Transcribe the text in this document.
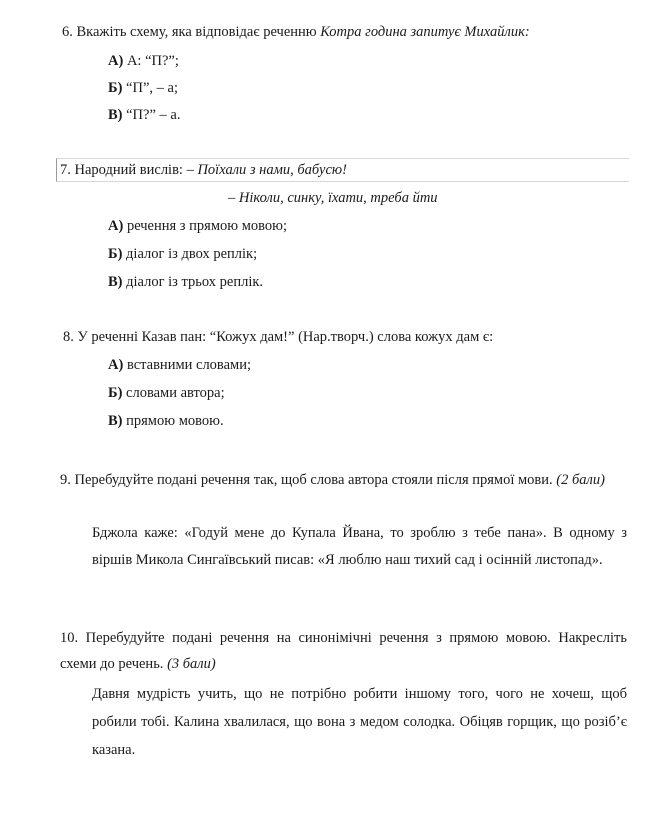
6. Вкажіть схему, яка відповідає реченню Котра година запитує Михайлик:
А) А: “П?”;
Б) “П”, – а;
В) “П?” – а.
7. Народний вислів: – Поїхали з нами, бабусю!
– Ніколи, синку, їхати, треба йти
А) речення з прямою мовою;
Б) діалог із двох реплік;
В) діалог із трьох реплік.
8. У реченні Казав пан: “Кожух дам!” (Нар.творч.) слова кожух дам є:
А) вставними словами;
Б) словами автора;
В) прямою мовою.
9. Перебудуйте подані речення так, щоб слова автора стояли після прямої мови. (2 бали)
Бджола каже: «Годуй мене до Купала Йвана, то зроблю з тебе пана». В одному з віршів Микола Сингаївський писав: «Я люблю наш тихий сад і осінній листопад».
10. Перебудуйте подані речення на синонімічні речення з прямою мовою. Накресліть схеми до речень. (3 бали)
Давня мудрість учить, що не потрібно робити іншому того, чого не хочеш, щоб робили тобі. Калина хвалилася, що вона з медом солодка. Обіцяв горщик, що розіб’є казана.
